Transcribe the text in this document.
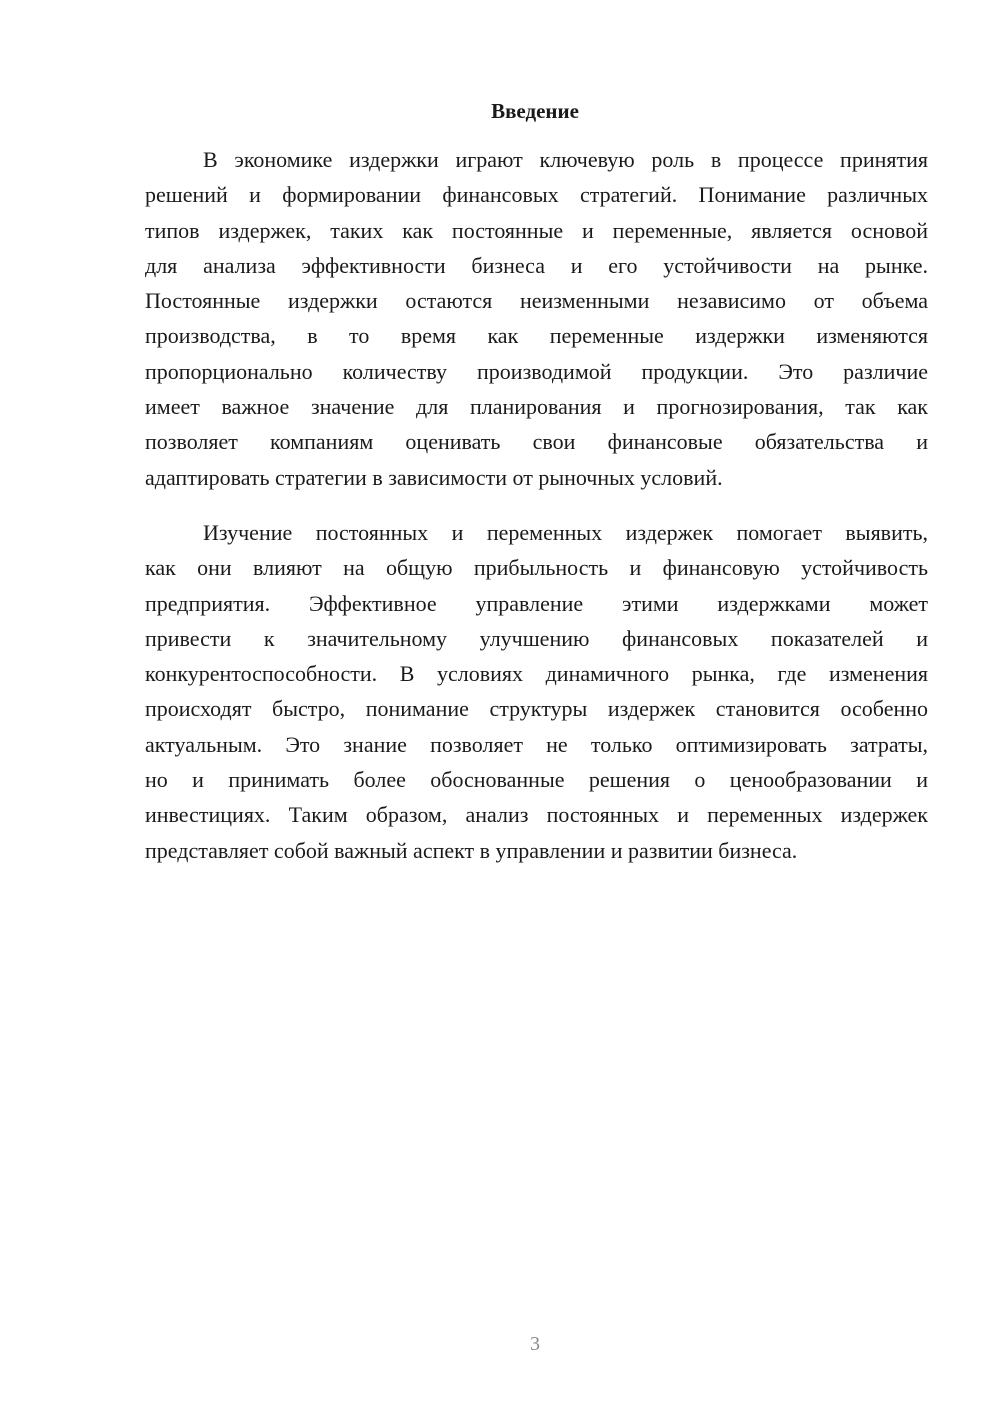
Введение
В экономике издержки играют ключевую роль в процессе принятия
решений и формировании финансовых стратегий. Понимание различных
типов издержек, таких как постоянные и переменные, является основой
для анализа эффективности бизнеса и его устойчивости на рынке.
Постоянные издержки остаются неизменными независимо от объема
производства, в то время как переменные издержки изменяются
пропорционально количеству производимой продукции. Это различие
имеет важное значение для планирования и прогнозирования, так как
позволяет компаниям оценивать свои финансовые обязательства и
адаптировать стратегии в зависимости от рыночных условий.
Изучение постоянных и переменных издержек помогает выявить,
как они влияют на общую прибыльность и финансовую устойчивость
предприятия. Эффективное управление этими издержками может
привести к значительному улучшению финансовых показателей и
конкурентоспособности. В условиях динамичного рынка, где изменения
происходят быстро, понимание структуры издержек становится особенно
актуальным. Это знание позволяет не только оптимизировать затраты,
но и принимать более обоснованные решения о ценообразовании и
инвестициях. Таким образом, анализ постоянных и переменных издержек
представляет собой важный аспект в управлении и развитии бизнеса.
3
